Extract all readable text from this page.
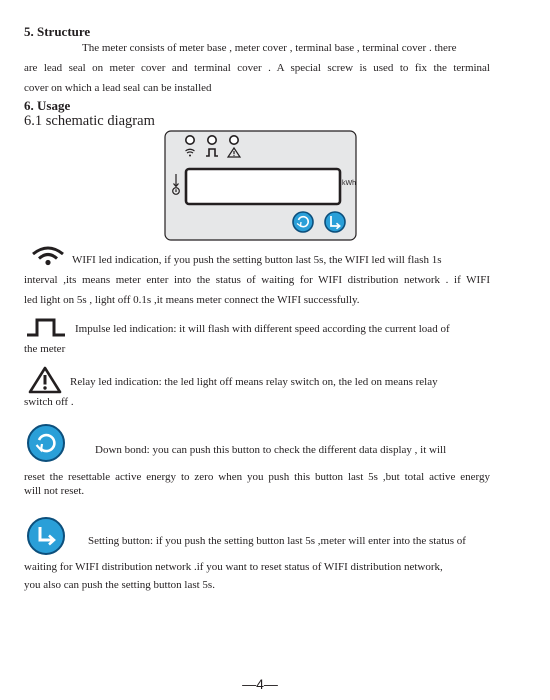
5. Structure
The meter consists of meter base , meter cover , terminal base , terminal cover . there
are lead seal on meter cover and terminal cover . A special screw is used to fix the terminal
cover on which a lead seal can be installed
6. Usage
6.1 schematic diagram
kWh
WIFI led indication, if you push the setting button last 5s, the WIFI led will flash 1s
interval ,its means meter enter into the status of waiting for WIFI distribution network . if WIFI
led light on 5s , light off 0.1s ,it means meter connect the WIFI successfully.
Impulse led indication: it will flash with different speed according the current load of
the meter
Relay led indication: the led light off means relay switch on, the led on means relay
switch off .
Down bond: you can push this button to check the different data display , it will
reset the resettable active energy to zero when you push this button last 5s ,but total active energy
will not reset.
Setting button: if you push the setting button last 5s ,meter will enter into the status of
waiting for WIFI distribution network .if you want to reset status of WIFI distribution network,
you also can push the setting button last 5s.
—4—
